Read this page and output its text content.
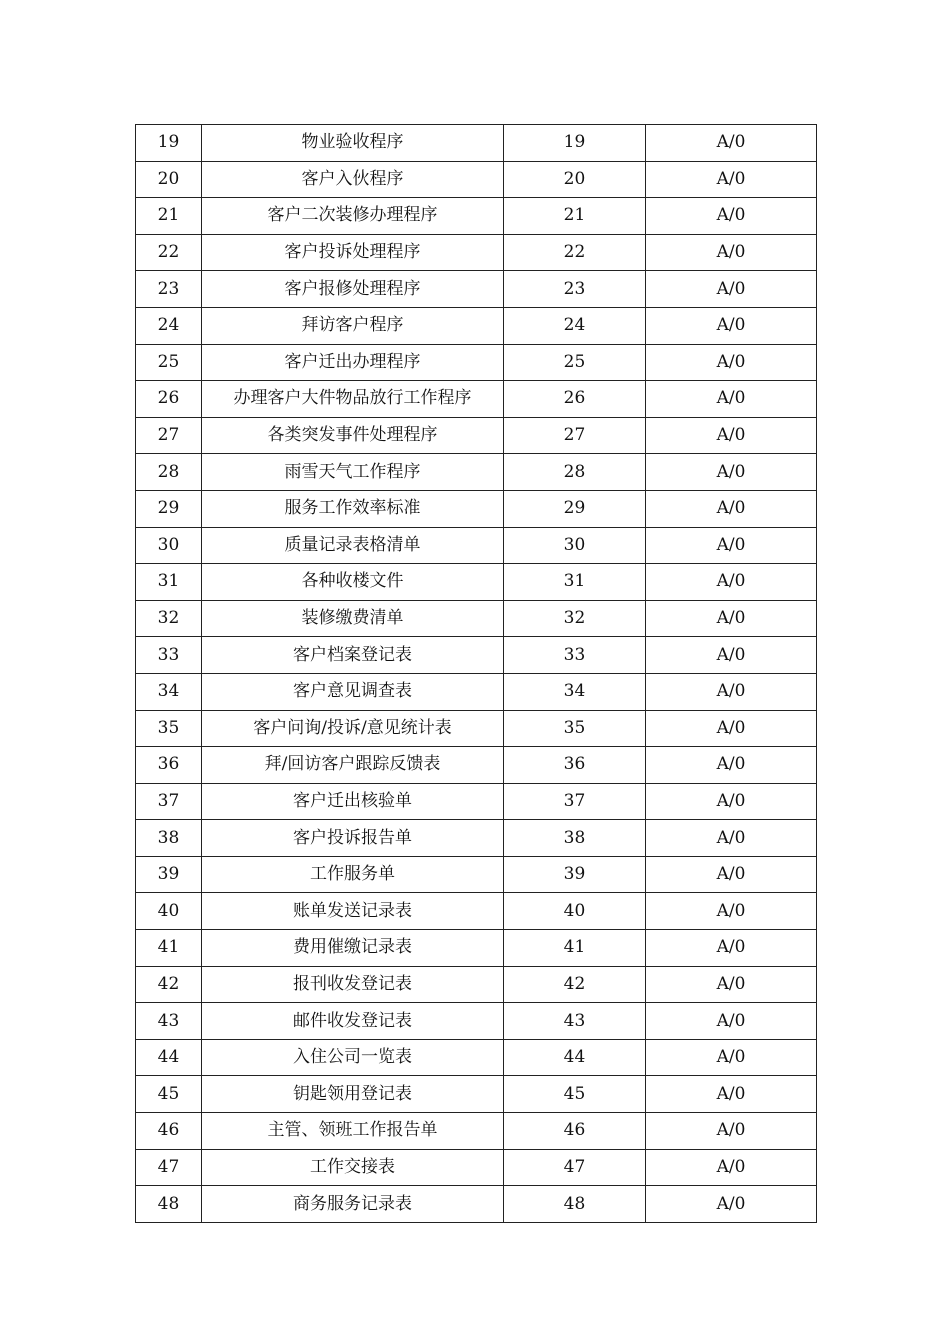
19	物业验收程序	19	A/0
20	客户入伙程序	20	A/0
21	客户二次装修办理程序	21	A/0
22	客户投诉处理程序	22	A/0
23	客户报修处理程序	23	A/0
24	拜访客户程序	24	A/0
25	客户迁出办理程序	25	A/0
26	办理客户大件物品放行工作程序	26	A/0
27	各类突发事件处理程序	27	A/0
28	雨雪天气工作程序	28	A/0
29	服务工作效率标准	29	A/0
30	质量记录表格清单	30	A/0
31	各种收楼文件	31	A/0
32	装修缴费清单	32	A/0
33	客户档案登记表	33	A/0
34	客户意见调查表	34	A/0
35	客户问询/投诉/意见统计表	35	A/0
36	拜/回访客户跟踪反馈表	36	A/0
37	客户迁出核验单	37	A/0
38	客户投诉报告单	38	A/0
39	工作服务单	39	A/0
40	账单发送记录表	40	A/0
41	费用催缴记录表	41	A/0
42	报刊收发登记表	42	A/0
43	邮件收发登记表	43	A/0
44	入住公司一览表	44	A/0
45	钥匙领用登记表	45	A/0
46	主管、领班工作报告单	46	A/0
47	工作交接表	47	A/0
48	商务服务记录表	48	A/0
